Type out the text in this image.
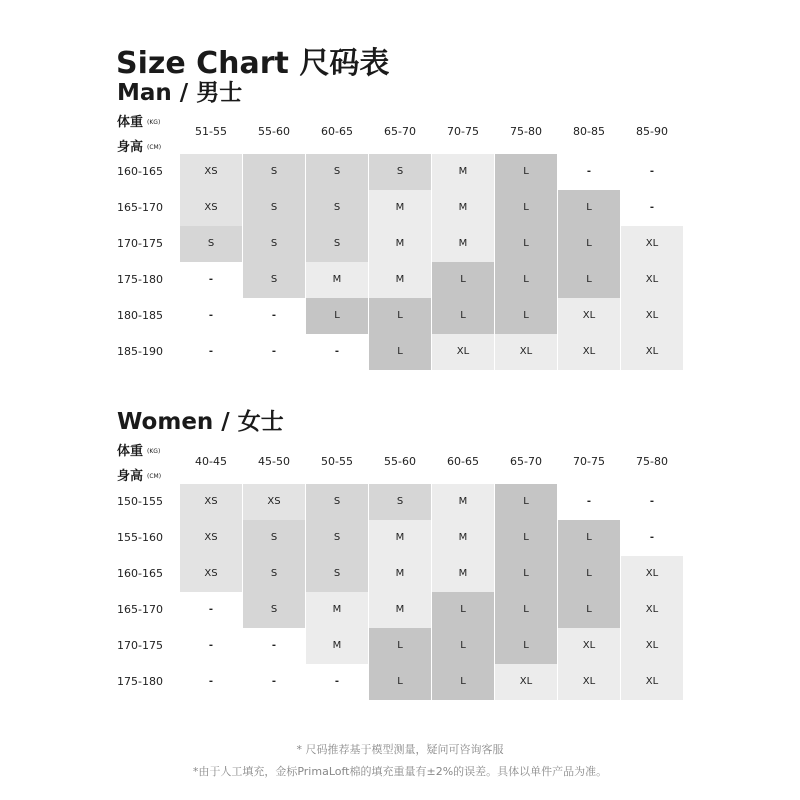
Size Chart 尺码表
Man / 男士
体重 (KG)
身高 (CM)
51-55	55-60	60-65	65-70	70-75	75-80	80-85	85-90
160-165	XS	S	S	S	M	L	-	-
165-170	XS	S	S	M	M	L	L	-
170-175	S	S	S	M	M	L	L	XL
175-180	-	S	M	M	L	L	L	XL
180-185	-	-	L	L	L	L	XL	XL
185-190	-	-	-	L	XL	XL	XL	XL
Women / 女士
体重 (KG)
身高 (CM)
40-45	45-50	50-55	55-60	60-65	65-70	70-75	75-80
150-155	XS	XS	S	S	M	L	-	-
155-160	XS	S	S	M	M	L	L	-
160-165	XS	S	S	M	M	L	L	XL
165-170	-	S	M	M	L	L	L	XL
170-175	-	-	M	L	L	L	XL	XL
175-180	-	-	-	L	L	XL	XL	XL
* 尺码推荐基于模型测量，疑问可咨询客服
*由于人工填充，金标PrimaLoft棉的填充重量有±2%的误差。具体以单件产品为准。
